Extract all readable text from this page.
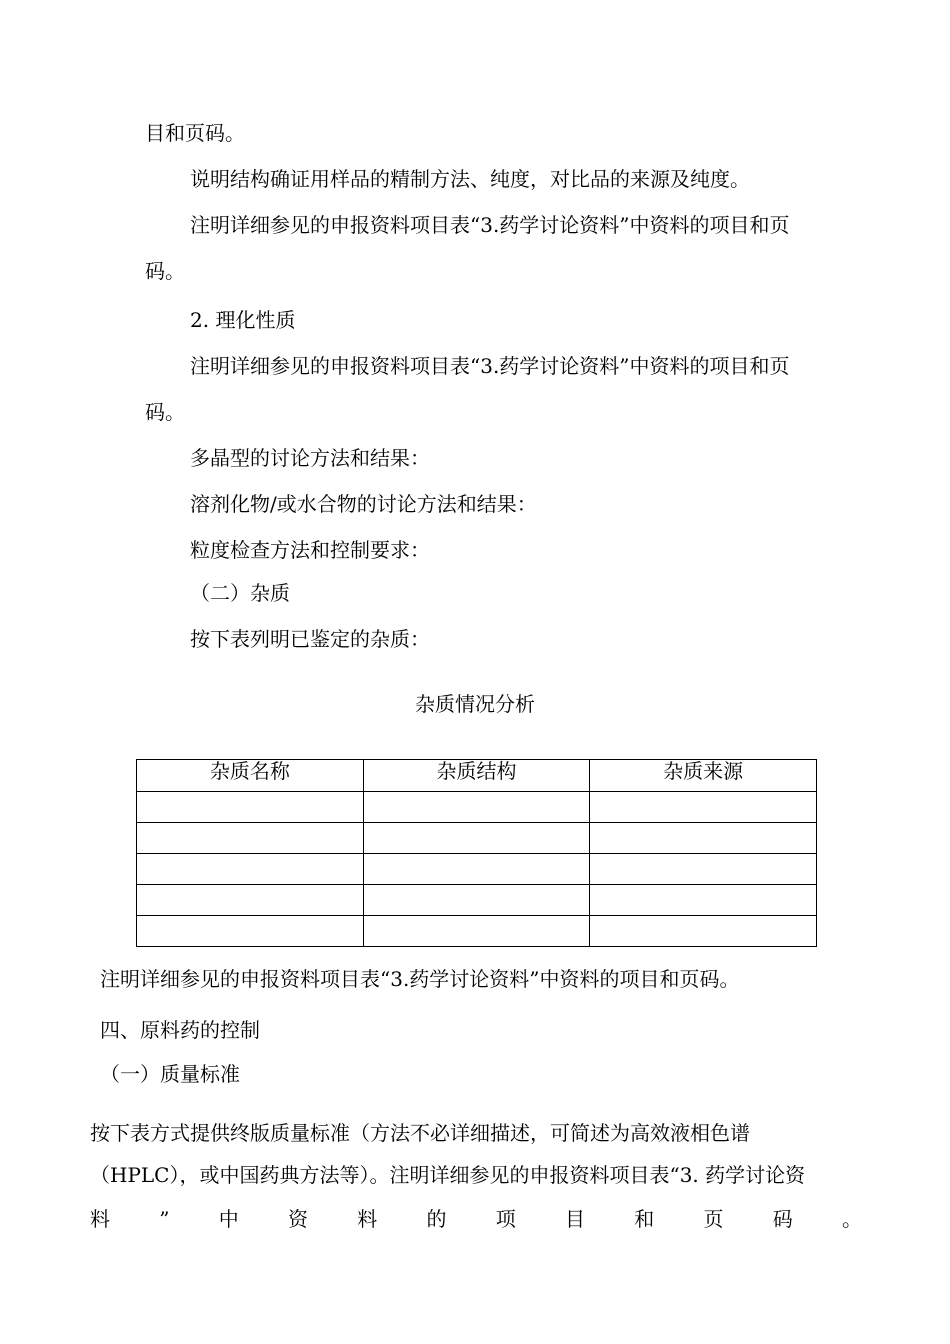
目和页码。
说明结构确证用样品的精制方法、纯度，对比品的来源及纯度。
注明详细参见的申报资料项目表“3.药学讨论资料”中资料的项目和页
码。
2. 理化性质
注明详细参见的申报资料项目表“3.药学讨论资料”中资料的项目和页
码。
多晶型的讨论方法和结果：
溶剂化物/或水合物的讨论方法和结果：
粒度检查方法和控制要求：
（二）杂质
按下表列明已鉴定的杂质：
杂质情况分析
杂质名称	杂质结构	杂质来源

注明详细参见的申报资料项目表“3.药学讨论资料”中资料的项目和页码。
四、原料药的控制
（一）质量标准
按下表方式提供终版质量标准（方法不必详细描述，可简述为高效液相色谱
（HPLC），或中国药典方法等）。注明详细参见的申报资料项目表“3. 药学讨论资
料 ” 中 资 料 的 项 目 和 页 码 。
